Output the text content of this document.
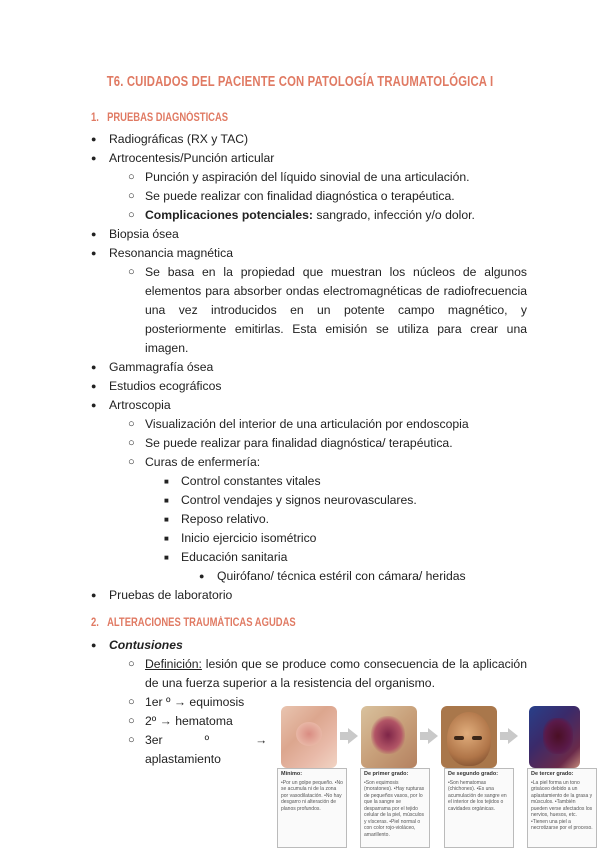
T6. CUIDADOS DEL PACIENTE CON PATOLOGÍA TRAUMATOLÓGICA I
1. PRUEBAS DIAGNÓSTICAS
● Radiográficas (RX y TAC)
● Artrocentesis/Punción articular
○ Punción y aspiración del líquido sinovial de una articulación.
○ Se puede realizar con finalidad diagnóstica o terapéutica.
○ Complicaciones potenciales: sangrado, infección y/o dolor.
● Biopsia ósea
● Resonancia magnética
○ Se basa en la propiedad que muestran los núcleos de algunos
elementos para absorber ondas electromagnéticas de radiofrecuencia
una vez introducidos en un potente campo magnético, y
posteriormente emitirlas. Esta emisión se utiliza para crear una
imagen.
● Gammagrafía ósea
● Estudios ecográficos
● Artroscopia
○ Visualización del interior de una articulación por endoscopia
○ Se puede realizar para finalidad diagnóstica/ terapéutica.
○ Curas de enfermería:
■ Control constantes vitales
■ Control vendajes y signos neurovasculares.
■ Reposo relativo.
■ Inicio ejercicio isométrico
■ Educación sanitaria
● Quirófano/ técnica estéril con cámara/ heridas
● Pruebas de laboratorio
2. ALTERACIONES TRAUMÁTICAS AGUDAS
● Contusiones
○ Definición: lesión que se produce como consecuencia de la aplicación
de una fuerza superior a la resistencia del organismo.
○ 1er º → equimosis
○ 2º → hematoma
○ 3er	º	→
aplastamiento
Mínimo:
•Por un golpe pequeño. •No se acumula ni de la zona por vasodilatación. •No hay desgarro ni alteración de planos profundos.
De primer grado:
•Son equimosis (moratones). •Hay rupturas de pequeños vasos, por lo que la sangre se desparrama por el tejido celular de la piel, músculos y vísceras. •Piel normal o con color rojo-violáceo, amarillento.
De segundo grado:
•Son hematomas (chichones). •Es una acumulación de sangre en el interior de los tejidos o cavidades orgánicas.
De tercer grado:
•La piel forma un tono grisáceo debido a un aplastamiento de la grasa y músculos. •También pueden verse afectados los nervios, huesos, etc. •Tienen una piel a necrotizarse por el proceso.
